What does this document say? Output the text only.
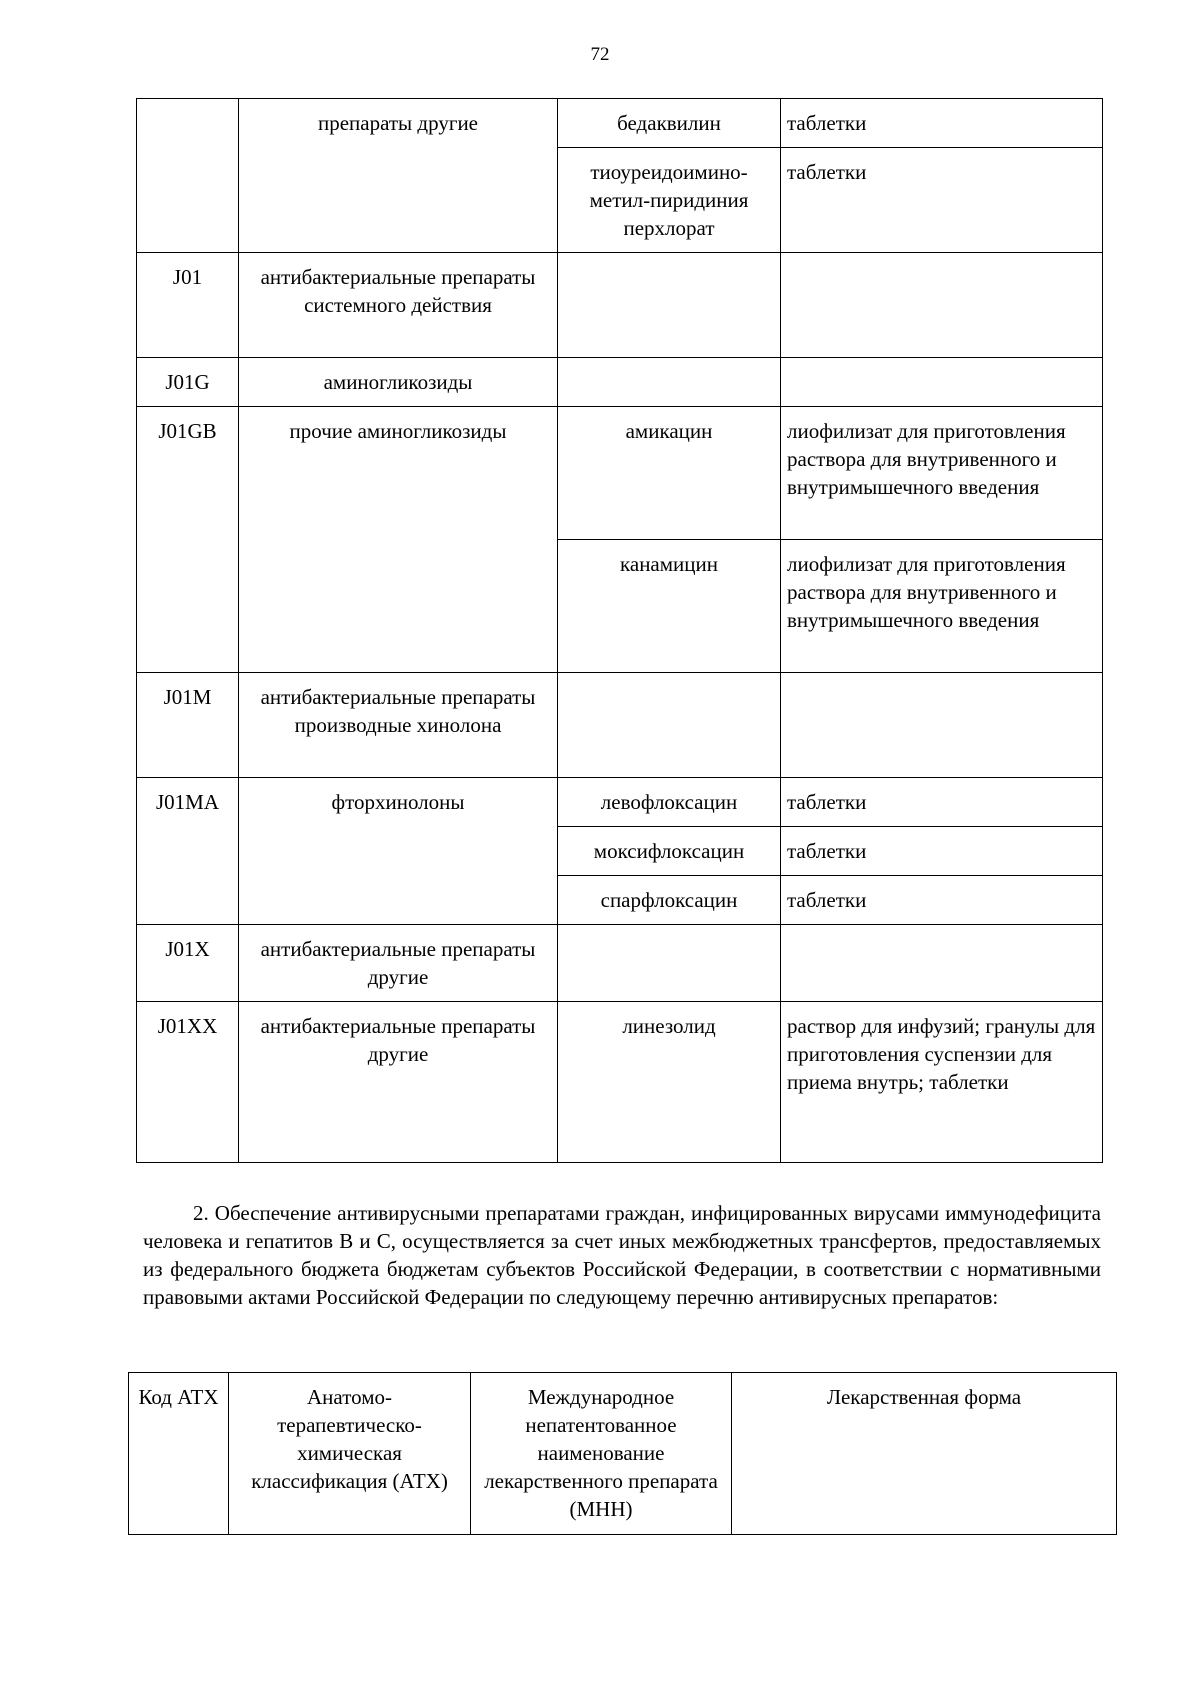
72
	препараты другие	бедаквилин	таблетки
		тиоуреидоимино-метил-пиридиния перхлорат	таблетки
J01	антибактериальные препараты системного действия		
J01G	аминогликозиды		
J01GB	прочие аминогликозиды	амикацин	лиофилизат для приготовления раствора для внутривенного и внутримышечного введения
		канамицин	лиофилизат для приготовления раствора для внутривенного и внутримышечного введения
J01M	антибактериальные препараты производные хинолона		
J01MA	фторхинолоны	левофлоксацин	таблетки
		моксифлоксацин	таблетки
		спарфлоксацин	таблетки
J01X	антибактериальные препараты другие		
J01XX	антибактериальные препараты другие	линезолид	раствор для инфузий; гранулы для приготовления суспензии для приема внутрь; таблетки

2. Обеспечение антивирусными препаратами граждан, инфицированных вирусами иммунодефицита человека и гепатитов B и C, осуществляется за счет иных межбюджетных трансфертов, предоставляемых из федерального бюджета бюджетам субъектов Российской Федерации, в соответствии с нормативными правовыми актами Российской Федерации по следующему перечню антивирусных препаратов:

Код АТХ	Анатомо-терапевтическо-химическая классификация (АТХ)	Международное непатентованное наименование лекарственного препарата (МНН)	Лекарственная форма
